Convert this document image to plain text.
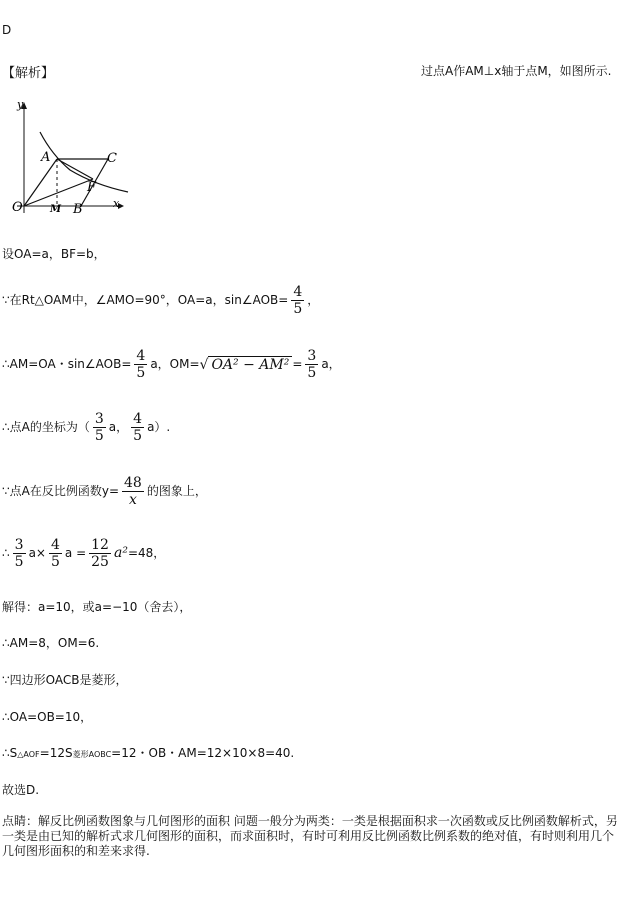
D
【解析】	过点A作AM⊥x轴于点M，如图所示.
y
x
O
A	C
F
M B
设OA=a，BF=b，
∵在Rt△OAM中，∠AMO=90°，OA=a，sin∠AOB= $\frac{4}{5}$ ，
∴AM=OA・sin∠AOB= $\frac{4}{5}$ a，OM=√ $OA^2 - AM^2 = \frac{3}{5}$ a，
∴点A的坐标为（ $\frac{3}{5}$ a， $\frac{4}{5} a$）.
∵点A在反比例函数$y= \frac{48}{x}$ 的图象上，
∴ $\frac{3}{5} a\times \frac{4}{5}$ $a = \frac{12}{25} a^2=48$，
解得：a=10，或a=−10（舍去），
∴AM=8，OM=6.
∵四边形OACB是菱形，
∴OA=OB=10，
∴S△AOF=12S菱形AOBC=12・OB・AM=12×10×8=40.
故选D.
点睛：解反比例函数图象与几何图形的面积 问题一般分为两类：一类是根据面积求一次函数或反比例函数解析式，另一类是由已知的解析式求几何图形的面积，而求面积时，有时可利用反比例函数比例系数的绝对值，有时则利用几个几何图形面积的和差来求得.
